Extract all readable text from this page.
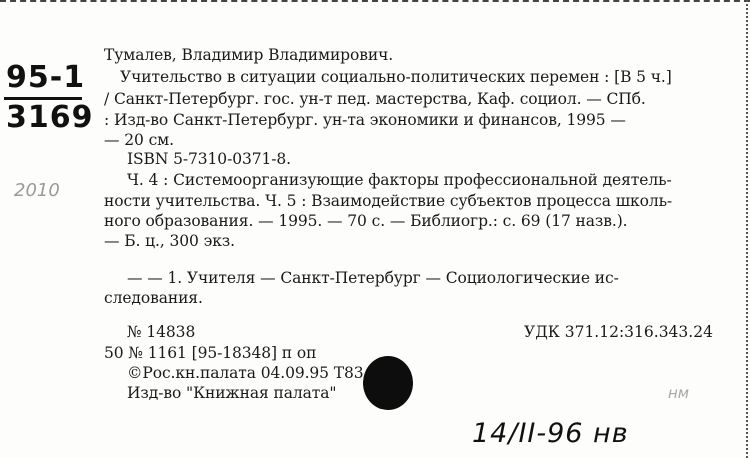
95-1
3169
2010
Тумалев, Владимир Владимирович.
Учительство в ситуации социально-политических перемен : [В 5 ч.]
/ Санкт-Петербург. гос. ун-т пед. мастерства, Каф. социол. — СПб.
: Изд-во Санкт-Петербург. ун-та экономики и финансов, 1995 —
— 20 см.
ISBN 5-7310-0371-8.
Ч. 4 : Системоорганизующие факторы профессиональной деятель-
ности учительства. Ч. 5 : Взаимодействие субъектов процесса школь-
ного образования. — 1995. — 70 с. — Библиогр.: с. 69 (17 назв.).
— Б. ц., 300 экз.
— — 1. Учителя — Санкт-Петербург — Социологические ис-
следования.
№ 14838	УДК 371.12:316.343.24
50 № 1161 [95-18348] п оп
©Рос.кн.палата 04.09.95 Т83
Изд-во "Книжная палата"
14/II-96 нв
нм
